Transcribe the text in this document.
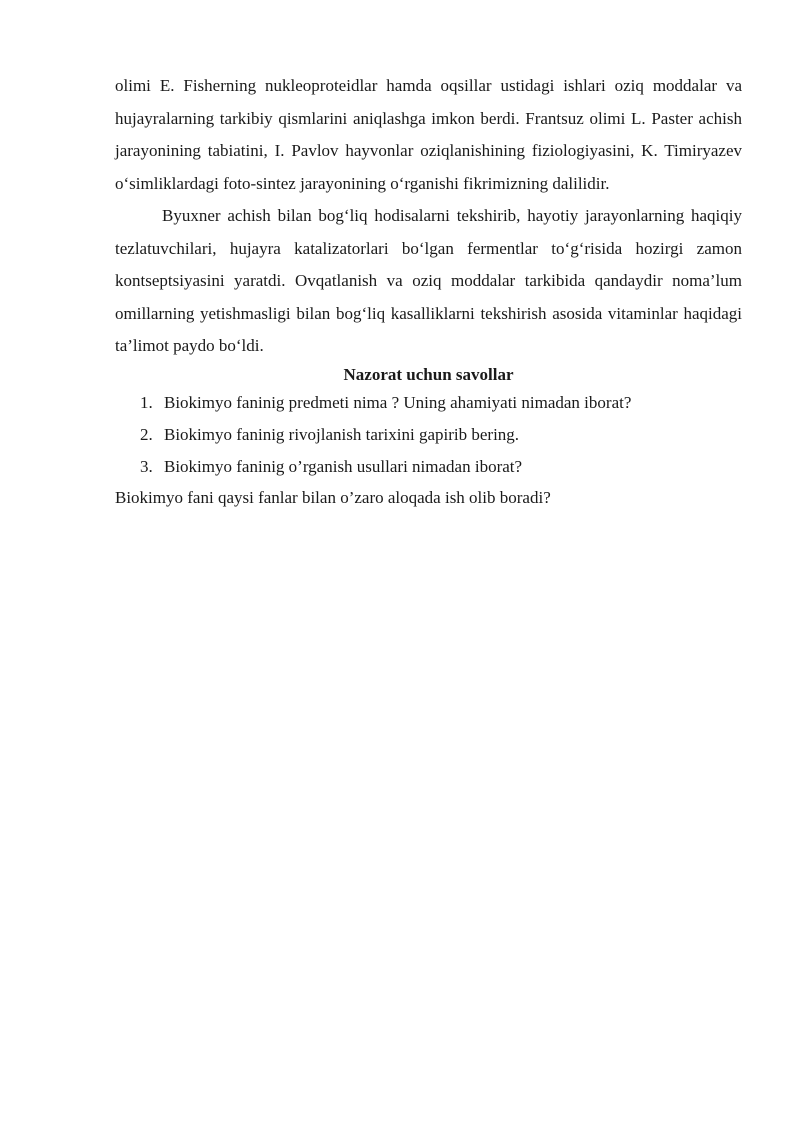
olimi E. Fisherning nukleoproteidlar hamda oqsillar ustidagi ishlari oziq moddalar va hujayralarning tarkibiy qismlarini aniqlashga imkon berdi. Frantsuz olimi L. Paster achish jarayonining tabiatini, I. Pavlov hayvonlar oziqlanishining fiziologiyasini, K. Timiryazev o‘simliklardagi foto-sintez jarayonining o‘rganishi fikrimizning dalilidir.

Byuxner achish bilan bog‘liq hodisalarni tekshirib, hayotiy jarayonlarning haqiqiy tezlatuvchilari, hujayra katalizatorlari bo‘lgan fermentlar to‘g‘risida hozirgi zamon kontseptsiyasini yaratdi. Ovqatlanish va oziq moddalar tarkibida qandaydir noma’lum omillarning yetishmasligi bilan bog‘liq kasalliklarni tekshirish asosida vitaminlar haqidagi ta’limot paydo bo‘ldi.

Nazorat uchun savollar

1. Biokimyo faninig predmeti nima ? Uning ahamiyati nimadan iborat?
2. Biokimyo faninig rivojlanish tarixini gapirib bering.
3. Biokimyo faninig o’rganish usullari nimadan iborat?

Biokimyo fani qaysi fanlar bilan o’zaro aloqada ish olib boradi?
